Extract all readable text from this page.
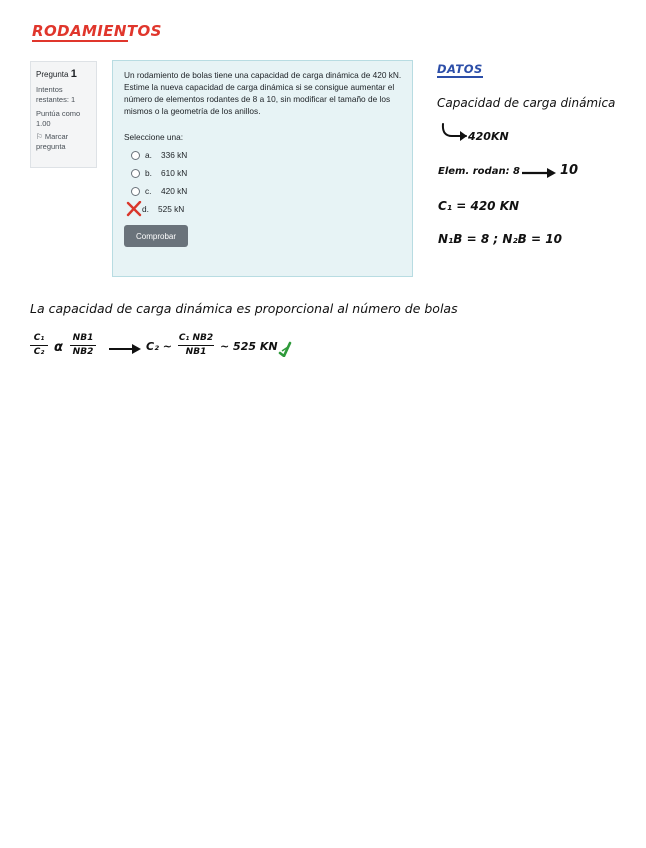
RODAMIENTOS
Pregunta 1
Intentos restantes: 1
Puntúa como 1.00
⚐ Marcar pregunta

Un rodamiento de bolas tiene una capacidad de carga dinámica de 420 kN. Estime la nueva capacidad de carga dinámica si se consigue aumentar el número de elementos rodantes de 8 a 10, sin modificar el tamaño de los mismos o la geometría de los anillos.

Seleccione una:
a.	336 kN
b.	610 kN
c.	420 kN
d.	525 kN
Comprobar
DATOS
Capacidad de carga dinámica
420KN
Elem. rodan: 8	10
C₁ = 420 KN
N₁B = 8 ; N₂B = 10
La capacidad de carga dinámica es proporcional al número de bolas
$\frac{\text{C₁}}{\text{C₂}}$ α $\frac{NB1}{NB2}$	C₂ ~ $\frac{\text{C₁ NB2}}{NB1}$ ~ 525 KN
